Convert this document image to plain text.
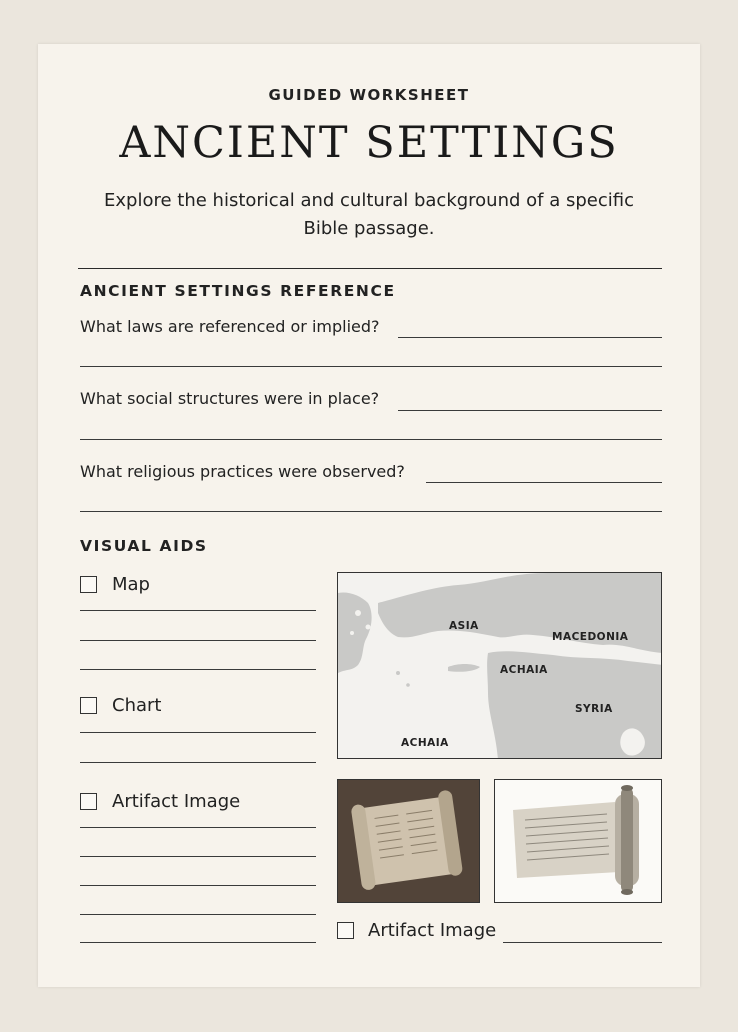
GUIDED WORKSHEET
ANCIENT SETTINGS
Explore the historical and cultural background of a specific Bible passage.
ANCIENT SETTINGS REFERENCE
What laws are referenced or implied?
What social structures were in place?
What religious practices were observed?
VISUAL AIDS
Map
Chart
Artifact Image
ASIA
MACEDONIA
ACHAIA
SYRIA
ACHAIA
Artifact Image
